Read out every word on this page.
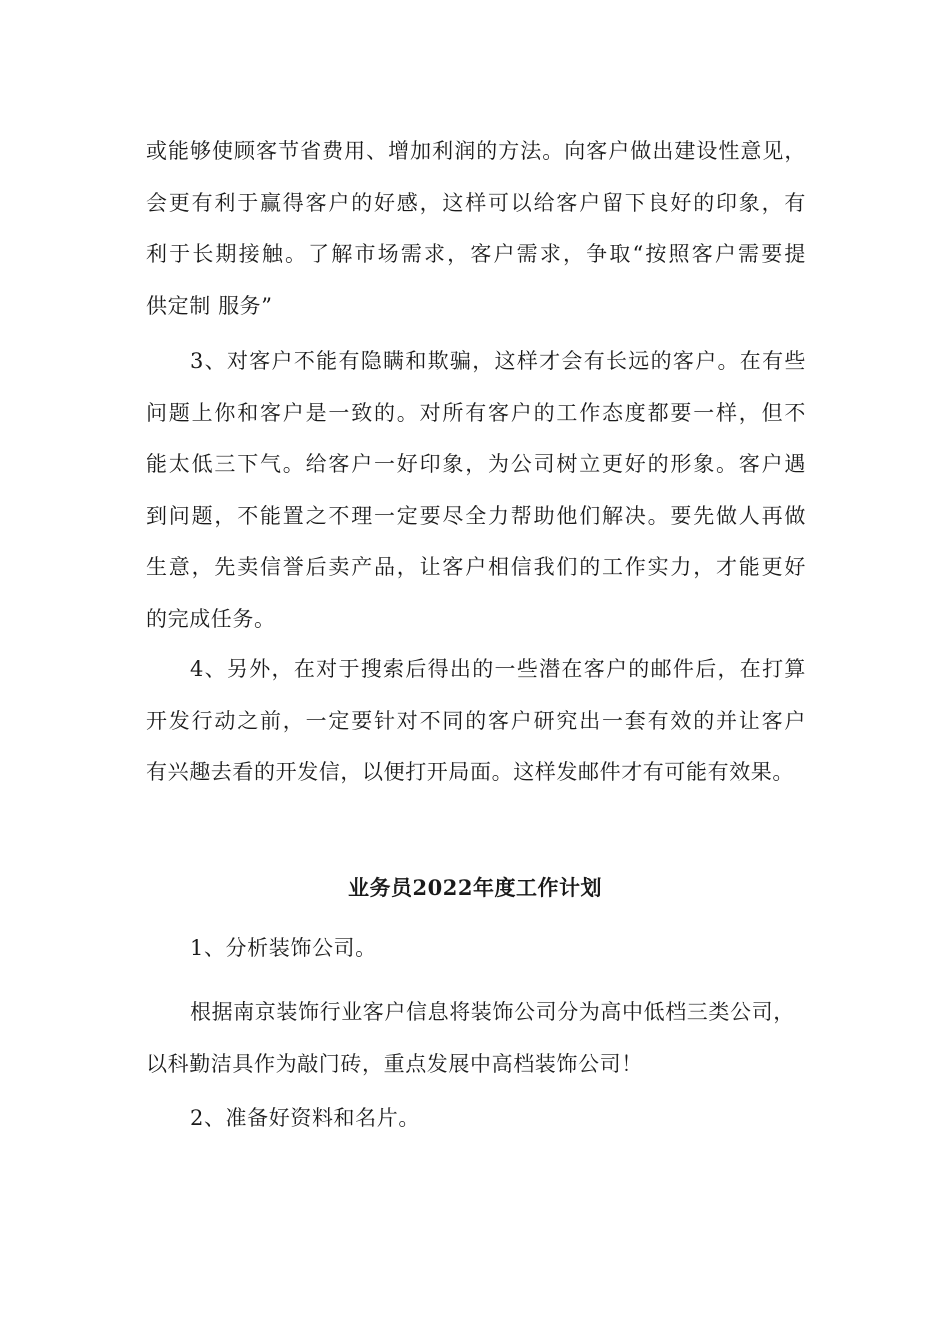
或能够使顾客节省费用、增加利润的方法。向客户做出建设性意见，
会更有利于赢得客户的好感，这样可以给客户留下良好的印象，有
利于长期接触。了解市场需求，客户需求，争取“按照客户需要提
供定制 服务”
3、对客户不能有隐瞒和欺骗，这样才会有长远的客户。在有些
问题上你和客户是一致的。对所有客户的工作态度都要一样，但不
能太低三下气。给客户一好印象，为公司树立更好的形象。客户遇
到问题，不能置之不理一定要尽全力帮助他们解决。要先做人再做
生意，先卖信誉后卖产品，让客户相信我们的工作实力，才能更好
的完成任务。
4、另外，在对于搜索后得出的一些潜在客户的邮件后，在打算
开发行动之前，一定要针对不同的客户研究出一套有效的并让客户
有兴趣去看的开发信，以便打开局面。这样发邮件才有可能有效果。
业务员2022年度工作计划

1、分析装饰公司。

根据南京装饰行业客户信息将装饰公司分为高中低档三类公司，
以科勤洁具作为敲门砖，重点发展中高档装饰公司！

2、准备好资料和名片。
